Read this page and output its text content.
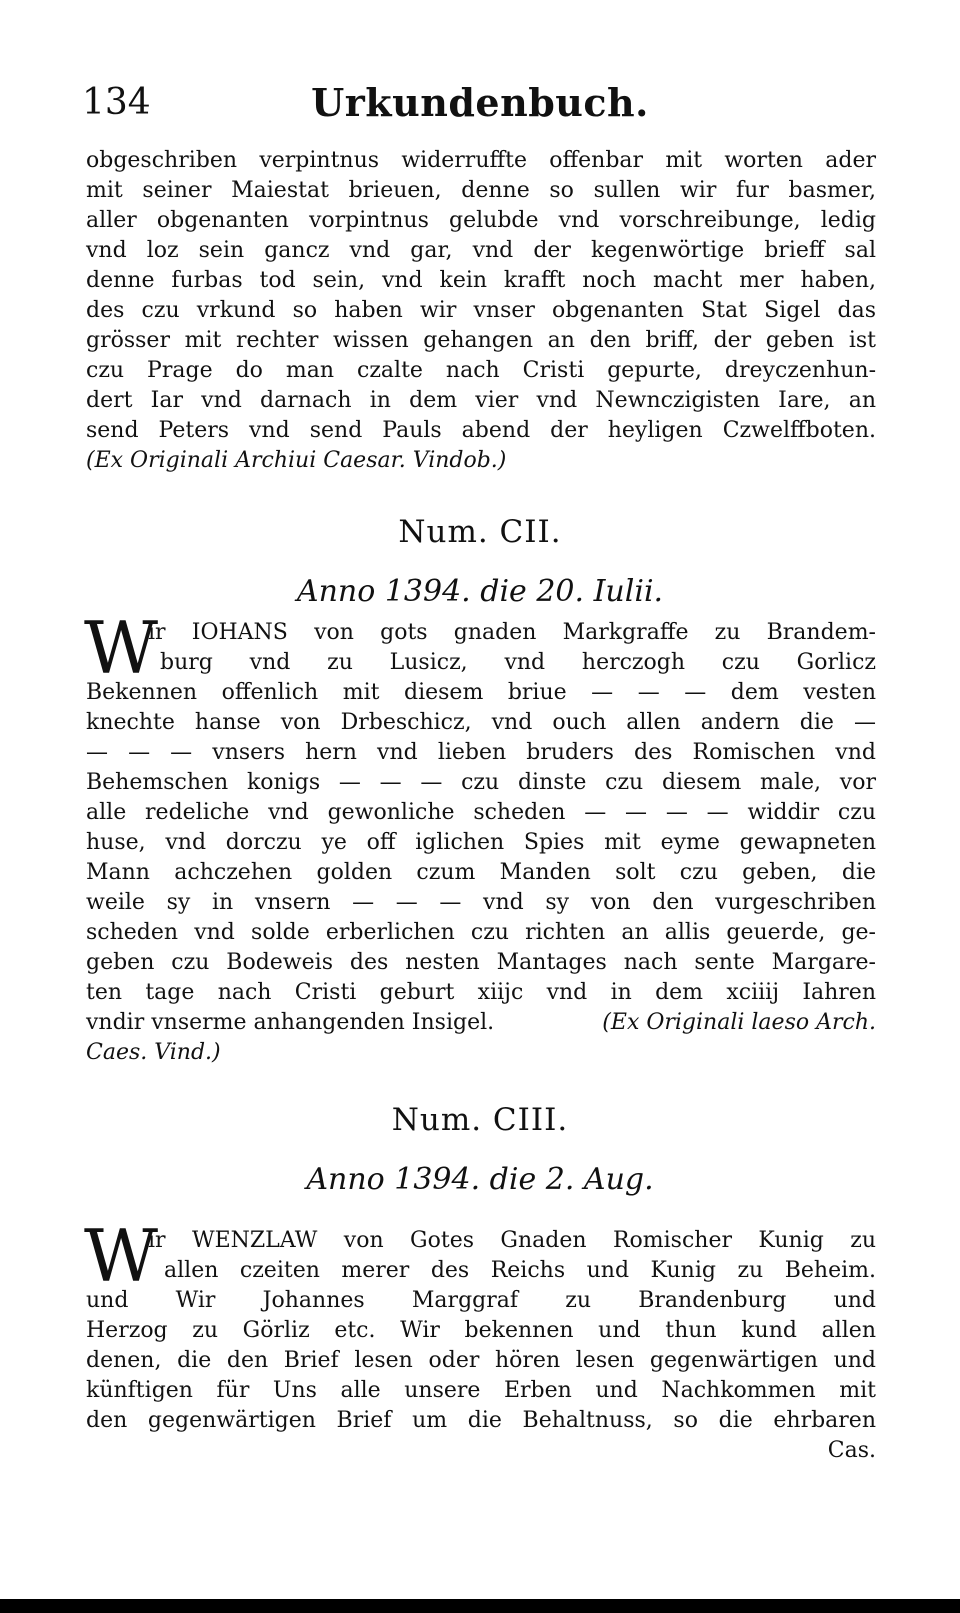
134	Urkundenbuch.
obgeschriben verpintnus widerruffte offenbar mit worten ader
mit seiner Maiestat brieuen, denne so sullen wir fur basmer,
aller obgenanten vorpintnus gelubde vnd vorschreibunge, ledig
vnd loz sein gancz vnd gar, vnd der kegenwörtige brieff sal
denne furbas tod sein, vnd kein krafft noch macht mer haben,
des czu vrkund so haben wir vnser obgenanten Stat Sigel das
grösser mit rechter wissen gehangen an den briff, der geben ist
czu Prage do man czalte nach Cristi gepurte, dreyczenhun-
dert Iar vnd darnach in dem vier vnd Newnczigisten Iare, an
send Peters vnd send Pauls abend der heyligen Czwelffboten.
(Ex Originali Archiui Caesar. Vindob.)
Num. CII.
Anno 1394. die 20. Iulii.
W
ir IOHANS von gots gnaden Markgraffe zu Brandem-
burg vnd zu Lusicz, vnd herczogh czu Gorlicz
Bekennen offenlich mit diesem briue — — — dem vesten
knechte hanse von Drbeschicz, vnd ouch allen andern die —
— — — vnsers hern vnd lieben bruders des Romischen vnd
Behemschen konigs — — — czu dinste czu diesem male, vor
alle redeliche vnd gewonliche scheden — — — — widdir czu
huse, vnd dorczu ye off iglichen Spies mit eyme gewapneten
Mann achczehen golden czum Manden solt czu geben, die
weile sy in vnsern — — — vnd sy von den vurgeschriben
scheden vnd solde erberlichen czu richten an allis geuerde, ge-
geben czu Bodeweis des nesten Mantages nach sente Margare-
ten tage nach Cristi geburt xiijc vnd in dem xciiij Iahren
vndir vnserme anhangenden Insigel.	(Ex Originali laeso Arch.
Caes. Vind.)
Num. CIII.
Anno 1394. die 2. Aug.
W
ir WENZLAW von Gotes Gnaden Romischer Kunig zu
allen czeiten merer des Reichs und Kunig zu Beheim.
und Wir Johannes Marggraf zu Brandenburg und
Herzog zu Görliz etc. Wir bekennen und thun kund allen
denen, die den Brief lesen oder hören lesen gegenwärtigen und
künftigen für Uns alle unsere Erben und Nachkommen mit
den gegenwärtigen Brief um die Behaltnuss, so die ehrbaren
Cas.
